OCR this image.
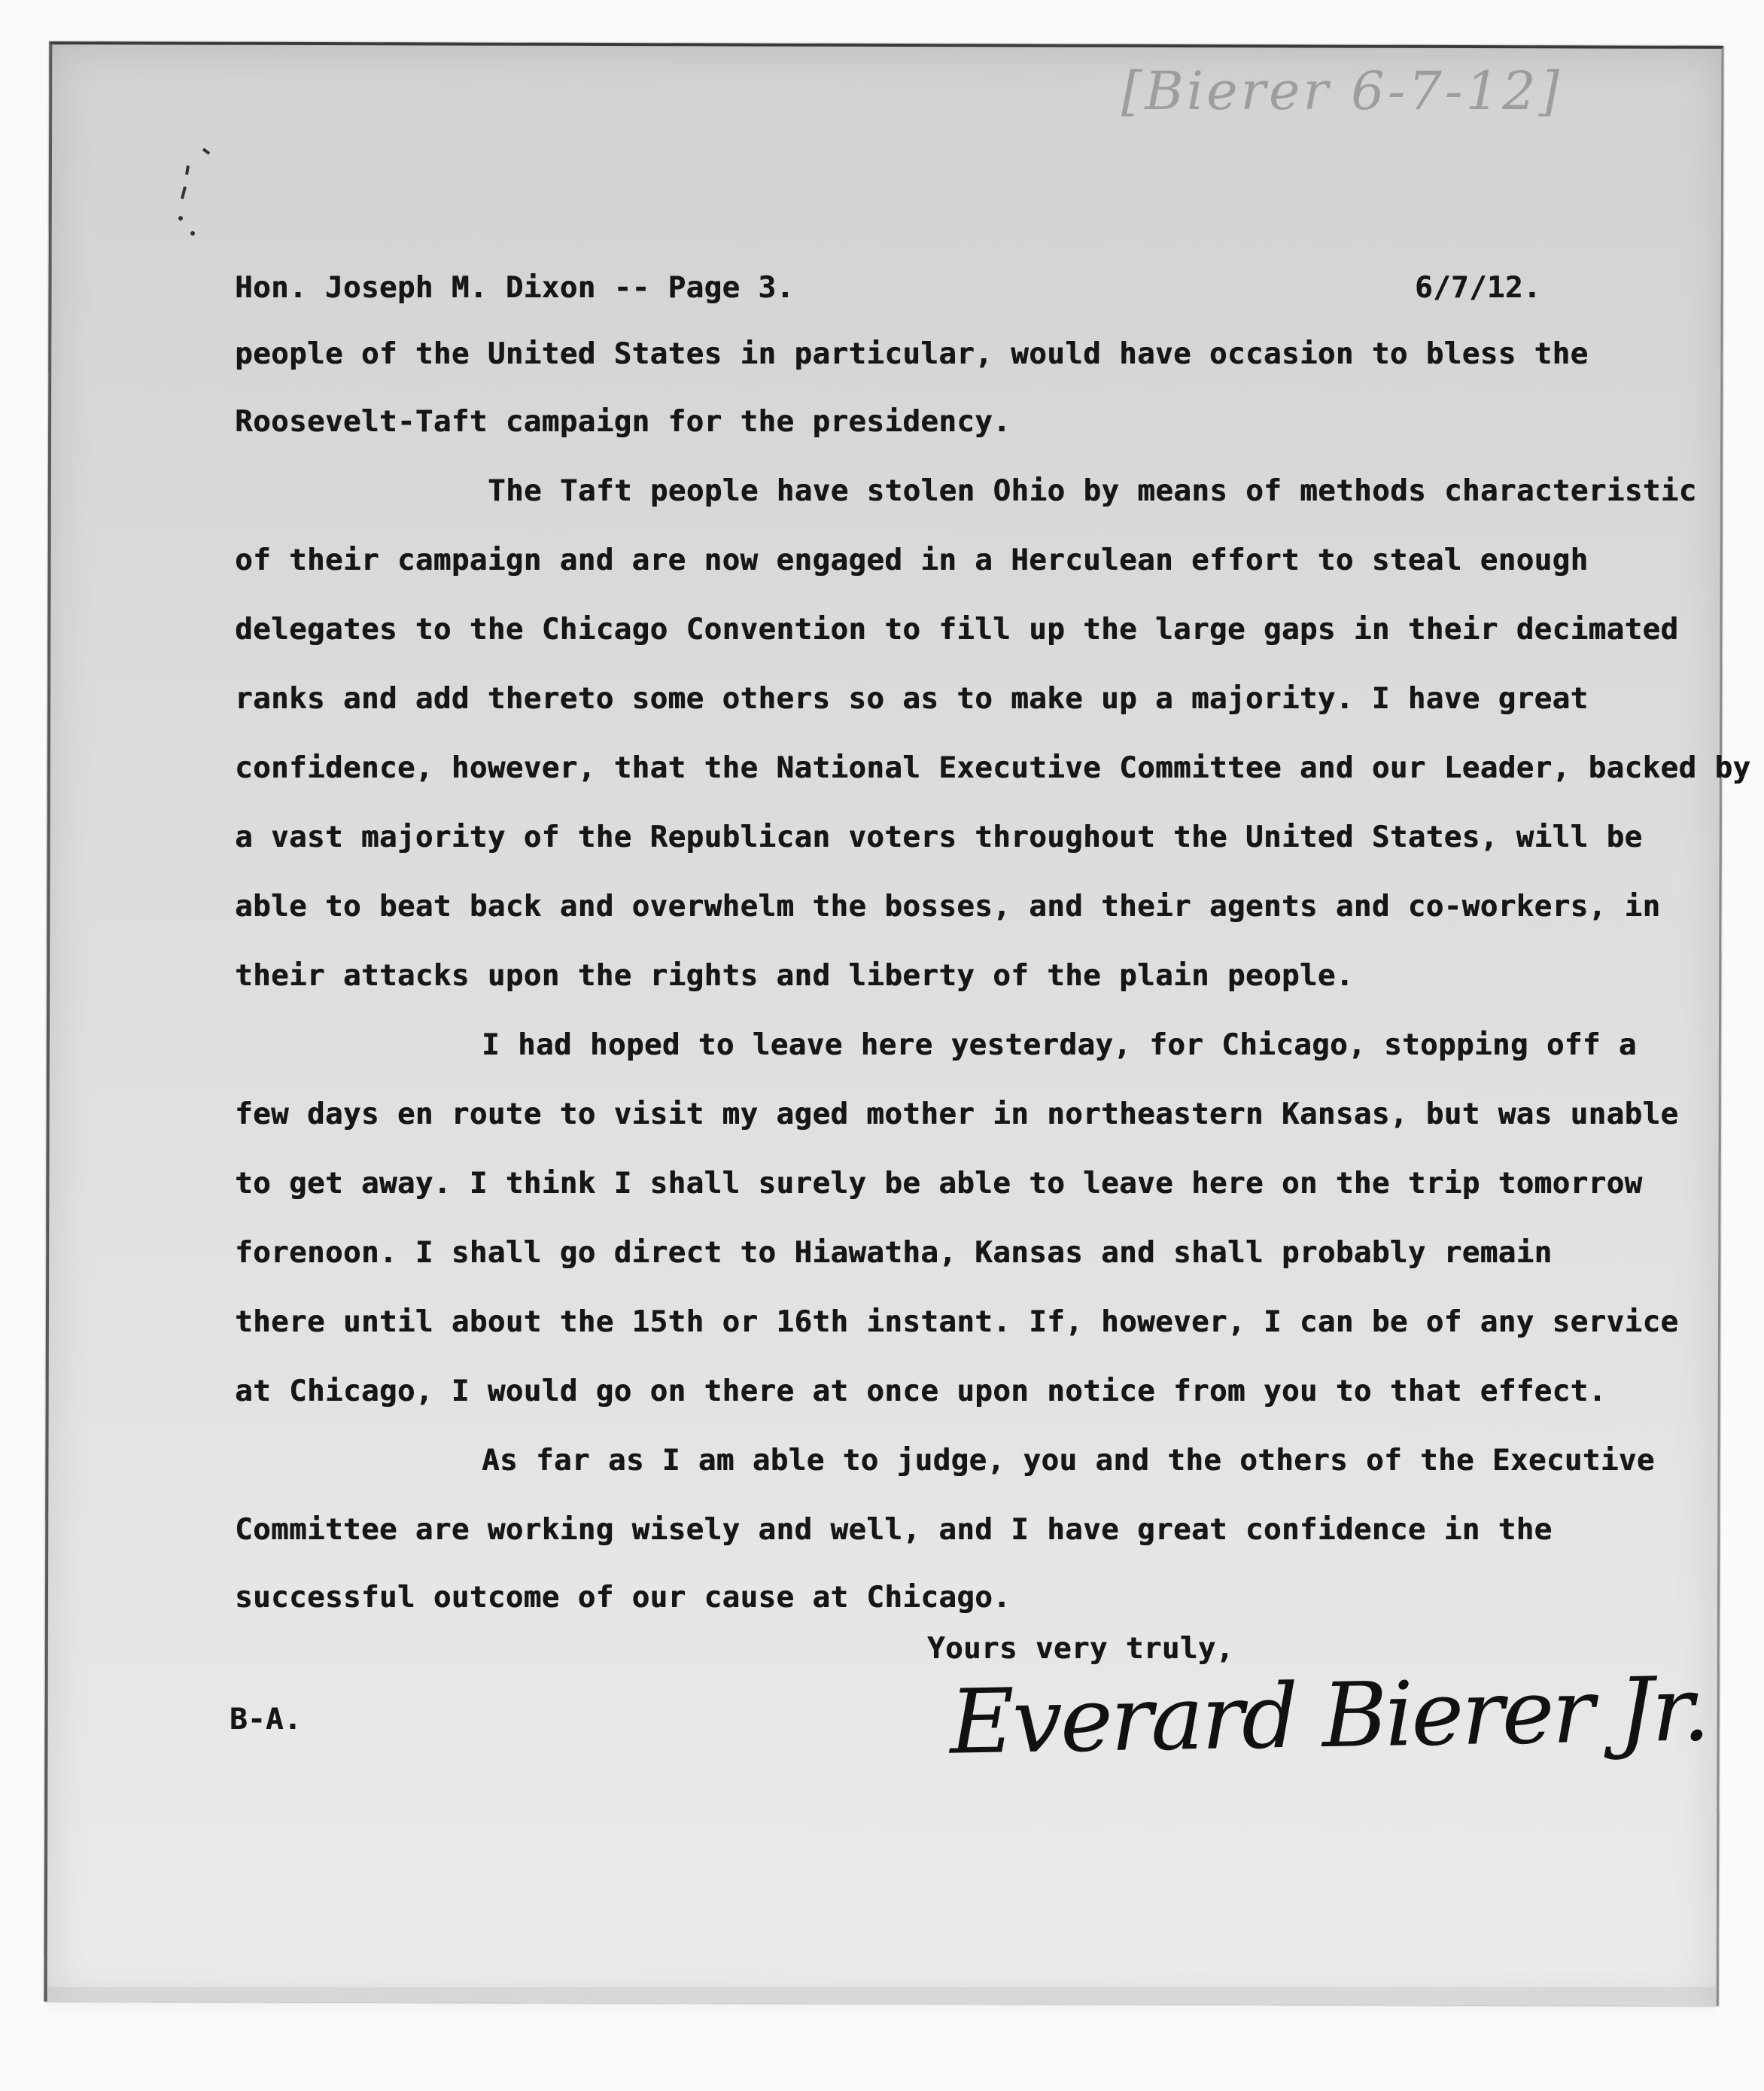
[Bierer 6-7-12]
Hon. Joseph M. Dixon -- Page 3.	6/7/12.
people of the United States in particular, would have occasion to bless the
Roosevelt-Taft campaign for the presidency.
The Taft people have stolen Ohio by means of methods characteristic
of their campaign and are now engaged in a Herculean effort to steal enough
delegates to the Chicago Convention to fill up the large gaps in their decimated
ranks and add thereto some others so as to make up a majority. I have great
confidence, however, that the National Executive Committee and our Leader, backed by
a vast majority of the Republican voters throughout the United States, will be
able to beat back and overwhelm the bosses, and their agents and co-workers, in
their attacks upon the rights and liberty of the plain people.
I had hoped to leave here yesterday, for Chicago, stopping off a
few days en route to visit my aged mother in northeastern Kansas, but was unable
to get away. I think I shall surely be able to leave here on the trip tomorrow
forenoon. I shall go direct to Hiawatha, Kansas and shall probably remain
there until about the 15th or 16th instant. If, however, I can be of any service
at Chicago, I would go on there at once upon notice from you to that effect.
As far as I am able to judge, you and the others of the Executive
Committee are working wisely and well, and I have great confidence in the
successful outcome of our cause at Chicago.
Yours very truly,
B-A.	Everard Bierer Jr.
